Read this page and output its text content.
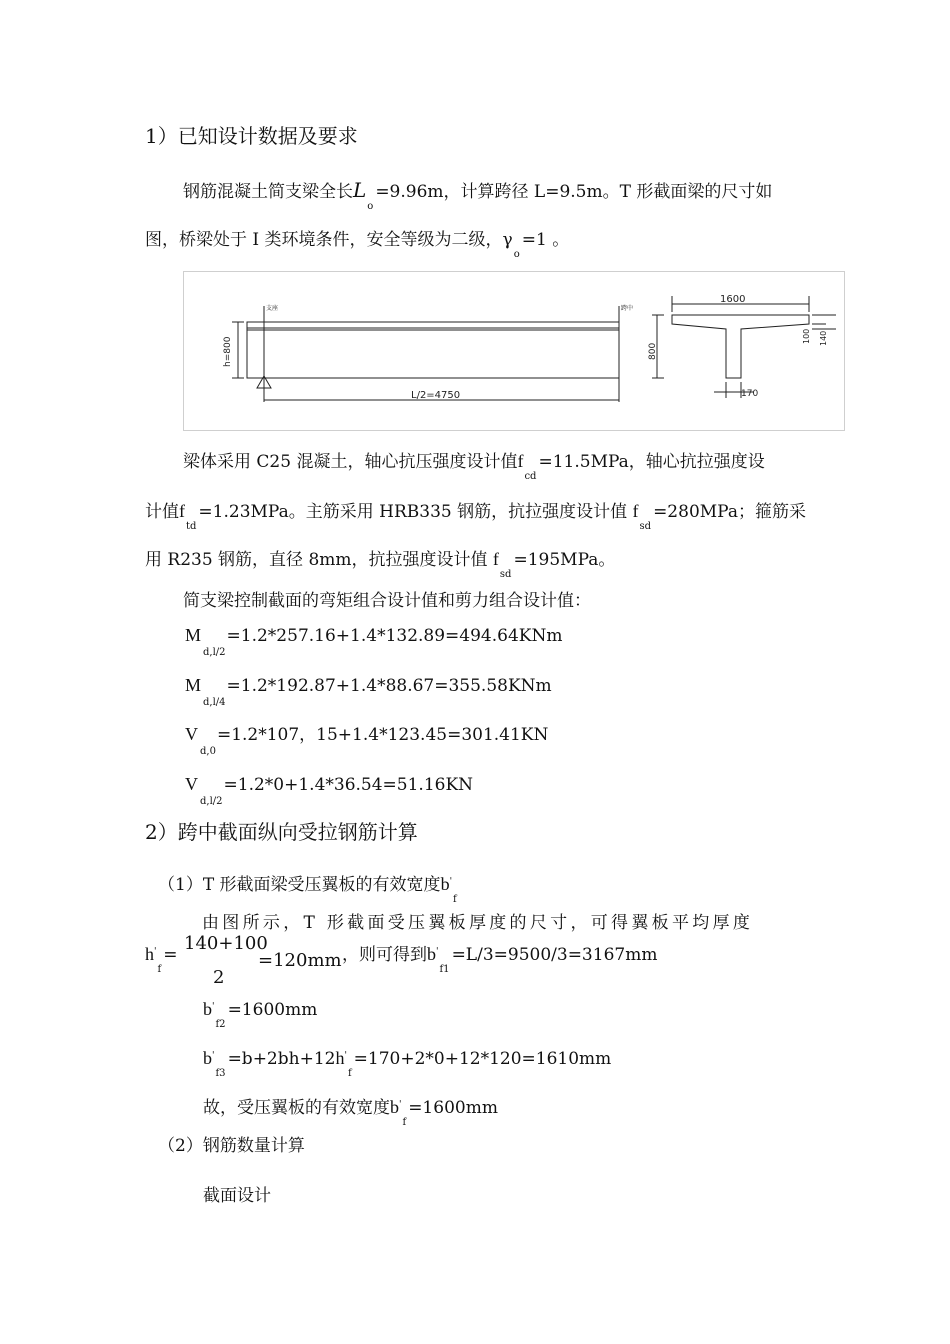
1）已知设计数据及要求
钢筋混凝土简支梁全长$L_o=9.96m$，计算跨径 L=9.5m。T 形截面梁的尺寸如
图，桥梁处于 I 类环境条件，安全等级为二级，$\gamma_o=1$ 。
支座	跨中
h=800
L/2=4750
1600
800
100 140
170
梁体采用 C25 混凝土，轴心抗压强度设计值$f_{cd}=11.5MPa$，轴心抗拉强度设
计值$f_{td}=1.23MPa$。主筋采用 HRB335 钢筋，抗拉强度设计值 $f_{sd}=280MPa$；箍筋采
用 R235 钢筋，直径 8mm，抗拉强度设计值 $f_{sd}=195MPa$。
简支梁控制截面的弯矩组合设计值和剪力组合设计值：
$M_{d,l/2}=1.2*257.16+1.4*132.89=494.64KNm$
$M_{d,l/4}=1.2*192.87+1.4*88.67=355.58KNm$
$V_{d,0}=1.2*107$，15+1.4*123.45=301.41KN
$V_{d,l/2}=1.2*0+1.4*36.54=51.16KN$
2）跨中截面纵向受拉钢筋计算
（1）T 形截面梁受压翼板的有效宽度$b'_f$
由图所示，T 形截面受压翼板厚度的尺寸，可得翼板平均厚度
$h'_f=$
140+100
2
=120mm ，则可得到$b'_{f1}=L/3=9500/3=3167mm$
$b'_{f2}=1600mm$
$b'_{f3}=b+2bh+12h'_f=170+2*0+12*120=1610mm$
故，受压翼板的有效宽度$b'_f=1600mm$
（2）钢筋数量计算
截面设计
